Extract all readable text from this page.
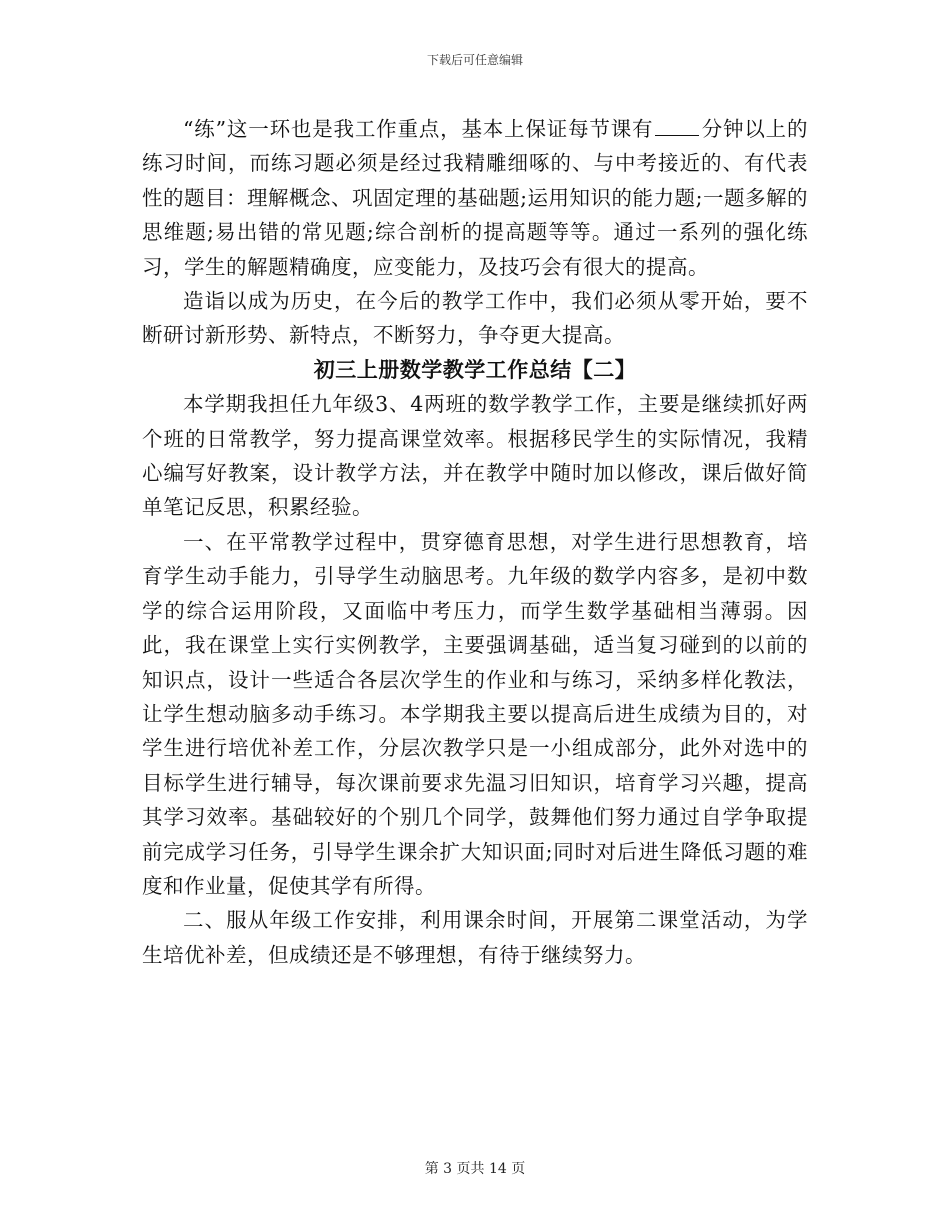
下载后可任意编辑

“练”这一环也是我工作重点，基本上保证每节课有 分钟以上的练习时间，而练习题必须是经过我精雕细啄的、与中考接近的、有代表性的题目：理解概念、巩固定理的基础题;运用知识的能力题;一题多解的思维题;易出错的常见题;综合剖析的提高题等等。通过一系列的强化练习，学生的解题精确度，应变能力，及技巧会有很大的提高。

造诣以成为历史，在今后的教学工作中，我们必须从零开始，要不断研讨新形势、新特点，不断努力，争夺更大提高。

初三上册数学教学工作总结【二】

本学期我担任九年级3、4两班的数学教学工作，主要是继续抓好两个班的日常教学，努力提高课堂效率。根据移民学生的实际情况，我精心编写好教案，设计教学方法，并在教学中随时加以修改，课后做好简单笔记反思，积累经验。

一、在平常教学过程中，贯穿德育思想，对学生进行思想教育，培育学生动手能力，引导学生动脑思考。九年级的数学内容多，是初中数学的综合运用阶段，又面临中考压力，而学生数学基础相当薄弱。因此，我在课堂上实行实例教学，主要强调基础，适当复习碰到的以前的知识点，设计一些适合各层次学生的作业和与练习，采纳多样化教法，让学生想动脑多动手练习。本学期我主要以提高后进生成绩为目的，对学生进行培优补差工作，分层次教学只是一小组成部分，此外对选中的目标学生进行辅导，每次课前要求先温习旧知识，培育学习兴趣，提高其学习效率。基础较好的个别几个同学，鼓舞他们努力通过自学争取提前完成学习任务，引导学生课余扩大知识面;同时对后进生降低习题的难度和作业量，促使其学有所得。

二、服从年级工作安排，利用课余时间，开展第二课堂活动，为学生培优补差，但成绩还是不够理想，有待于继续努力。

第 3 页共 14 页
